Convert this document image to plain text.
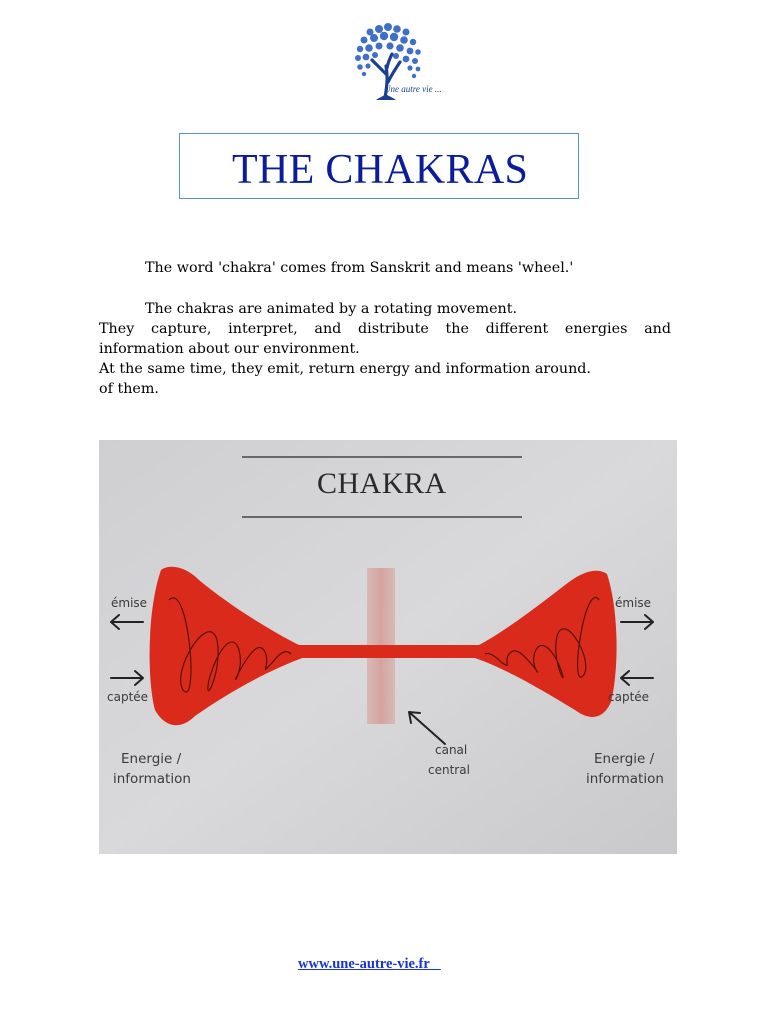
Une autre vie ...
THE CHAKRAS
The word 'chakra' comes from Sanskrit and means 'wheel.'
The chakras are animated by a rotating movement.
They capture, interpret, and distribute the different energies and
information about our environment.
At the same time, they emit, return energy and information around.
of them.
CHAKRA
émise
captée
Energie /
information
émise
captée
Energie /
information
canal
central
www.une-autre-vie.fr
